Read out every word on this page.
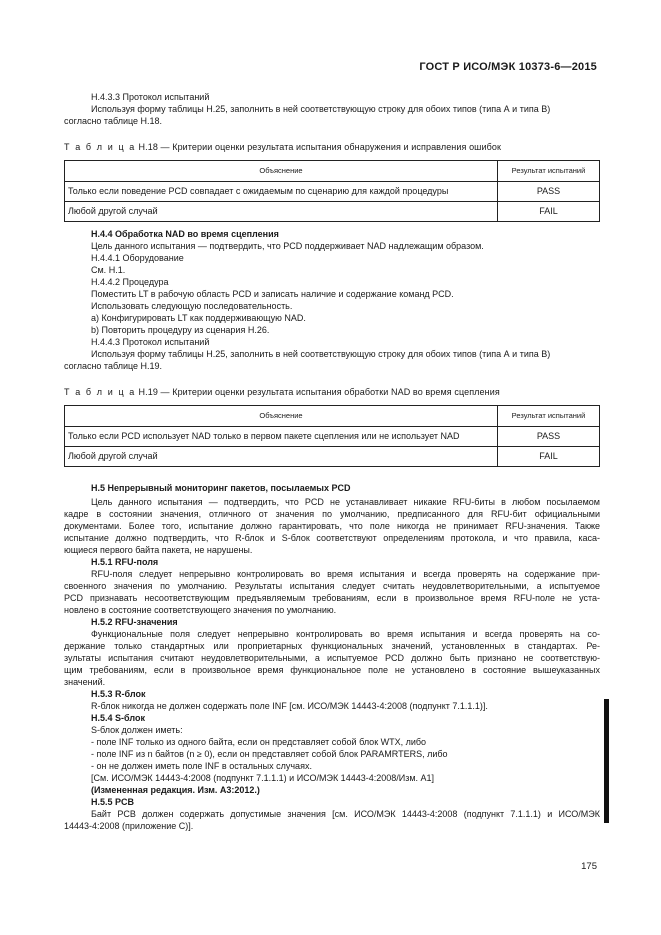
ГОСТ Р ИСО/МЭК 10373-6—2015
H.4.3.3 Протокол испытаний
Используя форму таблицы H.25, заполнить в ней соответствующую строку для обоих типов (типа А и типа В)
согласно таблице H.18.
Т а б л и ц а H.18 — Критерии оценки результата испытания обнаружения и исправления ошибок
Объяснение	Результат испытаний
Только если поведение PCD совпадает с ожидаемым по сценарию для каждой процедуры	PASS
Любой другой случай	FAIL
H.4.4 Обработка NAD во время сцепления
Цель данного испытания — подтвердить, что PCD поддерживает NAD надлежащим образом.
H.4.4.1 Оборудование
См. H.1.
H.4.4.2 Процедура
Поместить LT в рабочую область PCD и записать наличие и содержание команд PCD.
Использовать следующую последовательность.
a) Конфигурировать LT как поддерживающую NAD.
b) Повторить процедуру из сценария H.26.
H.4.4.3 Протокол испытаний
Используя форму таблицы H.25, заполнить в ней соответствующую строку для обоих типов (типа А и типа В)
согласно таблице H.19.
Т а б л и ц а H.19 — Критерии оценки результата испытания обработки NAD во время сцепления
Объяснение	Результат испытаний
Только если PCD использует NAD только в первом пакете сцепления или не использует NAD	PASS
Любой другой случай	FAIL
H.5 Непрерывный мониторинг пакетов, посылаемых PCD
Цель данного испытания — подтвердить, что PCD не устанавливает никакие RFU-биты в любом посылаемом
кадре в состоянии значения, отличного от значения по умолчанию, предписанного для RFU-бит официальными
документами. Более того, испытание должно гарантировать, что поле никогда не принимает RFU-значения. Также
испытание должно подтвердить, что R-блок и S-блок соответствуют определениям протокола, и что правила, каса-
ющиеся первого байта пакета, не нарушены.
H.5.1 RFU-поля
RFU-поля следует непрерывно контролировать во время испытания и всегда проверять на содержание при-
своенного значения по умолчанию. Результаты испытания следует считать неудовлетворительными, а испытуемое
PCD признавать несоответствующим предъявляемым требованиям, если в произвольное время RFU-поле не уста-
новлено в состояние соответствующего значения по умолчанию.
H.5.2 RFU-значения
Функциональные поля следует непрерывно контролировать во время испытания и всегда проверять на со-
держание только стандартных или проприетарных функциональных значений, установленных в стандартах. Ре-
зультаты испытания считают неудовлетворительными, а испытуемое PCD должно быть признано не соответствую-
щим требованиям, если в произвольное время функциональное поле не установлено в состояние вышеуказанных
значений.
H.5.3 R-блок
R-блок никогда не должен содержать поле INF [см. ИСО/МЭК 14443-4:2008 (подпункт 7.1.1.1)].
H.5.4 S-блок
S-блок должен иметь:
- поле INF только из одного байта, если он представляет собой блок WTX, либо
- поле INF из n байтов (n ≥ 0), если он представляет собой блок PARAMRTERS, либо
- он не должен иметь поле INF в остальных случаях.
[См. ИСО/МЭК 14443-4:2008 (подпункт 7.1.1.1) и ИСО/МЭК 14443-4:2008/Изм. А1]
(Измененная редакция. Изм. А3:2012.)
H.5.5 PCB
Байт PCB должен содержать допустимые значения [см. ИСО/МЭК 14443-4:2008 (подпункт 7.1.1.1) и ИСО/МЭК
14443-4:2008 (приложение С)].
175
